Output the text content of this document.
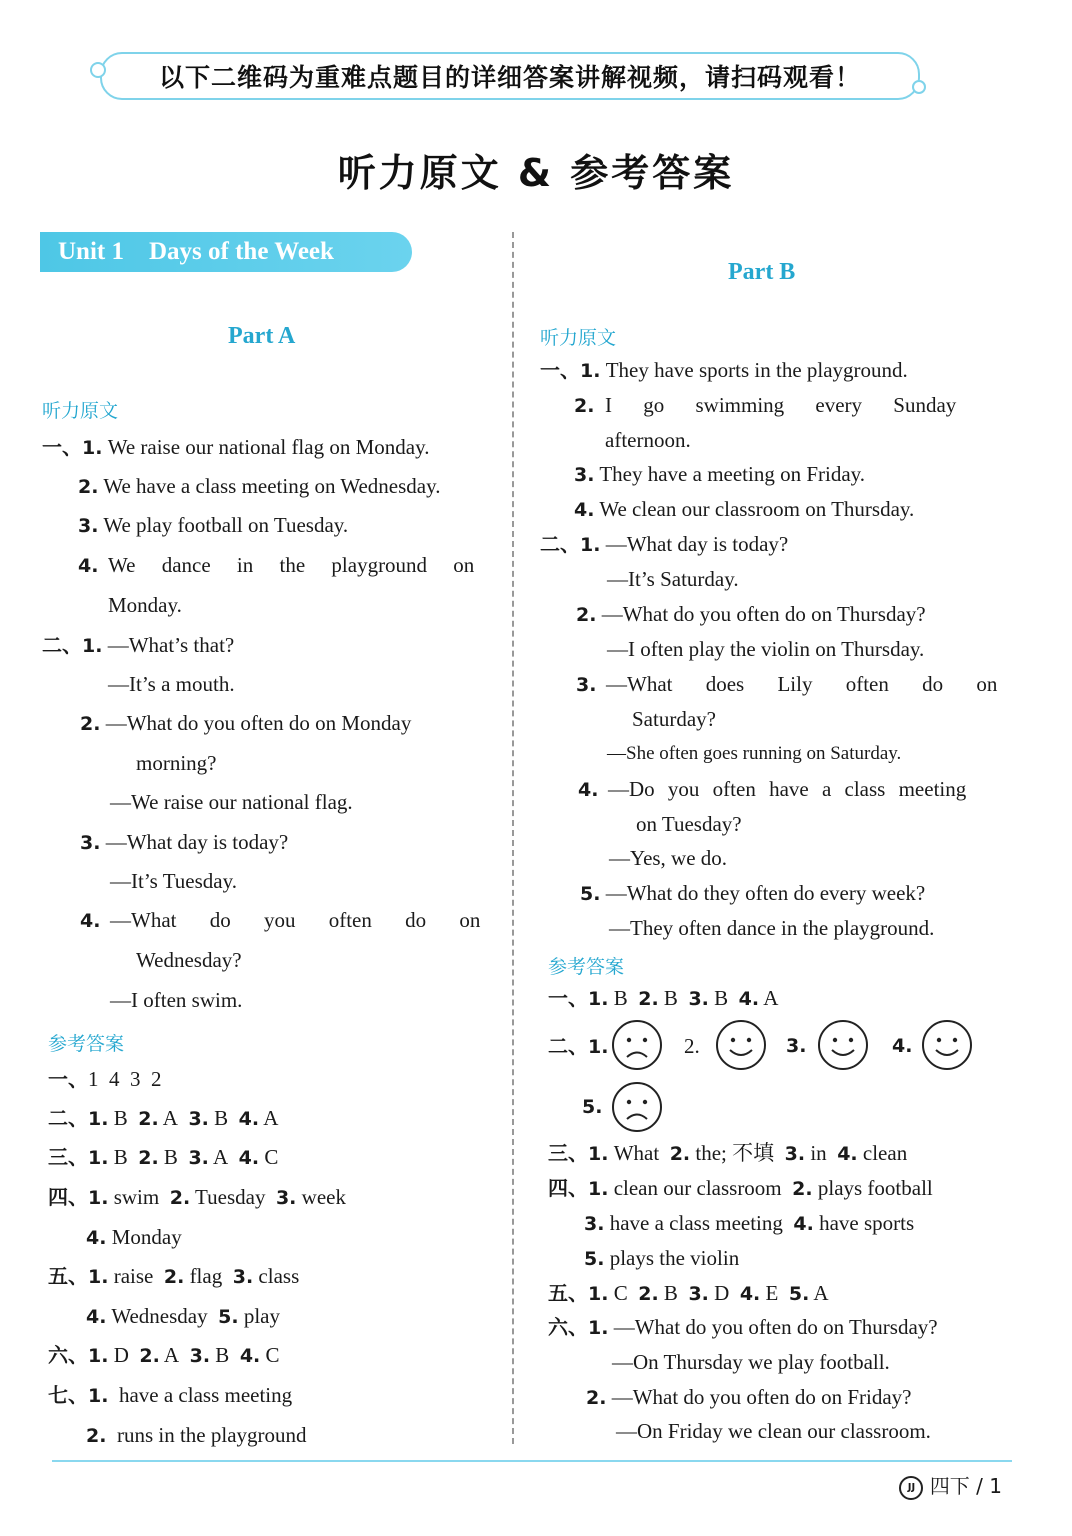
以下二维码为重难点题目的详细答案讲解视频，请扫码观看！
听力原文 & 参考答案
Unit 1    Days of the Week
Part A
听力原文
一、1. We raise our national flag on Monday.
2. We have a class meeting on Wednesday.
3. We play football on Tuesday.
4. We dance in the playground on
Monday.
二、1. —What’s that?
—It’s a mouth.
2. —What do you often do on Monday
morning?
—We raise our national flag.
3. —What day is today?
—It’s Tuesday.
4. —What do you often do on
Wednesday?
—I often swim.
参考答案
一、1  4  3  2
二、1. B 2. A 3. B 4. A
三、1. B 2. B 3. A 4. C
四、1. swim 2. Tuesday 3. week
4. Monday
五、1. raise 2. flag 3. class
4. Wednesday 5. play
六、1. D 2. A 3. B 4. C
七、1. have a class meeting
2. runs in the playground
Part B
听力原文
一、1. They have sports in the playground.
2. I go swimming every Sunday
afternoon.
3. They have a meeting on Friday.
4. We clean our classroom on Thursday.
二、1. —What day is today?
—It’s Saturday.
2. —What do you often do on Thursday?
—I often play the violin on Thursday.
3. —What does Lily often do on
Saturday?
—She often goes running on Saturday.
4. —Do you often have a class meeting
on Tuesday?
—Yes, we do.
5. —What do they often do every week?
—They often dance in the playground.
参考答案
一、1. B 2. B 3. B 4. A
二、1.	2.	3.	4.
5.
三、1. What 2. the; 不填 3. in 4. clean
四、1. clean our classroom 2. plays football
3. have a class meeting 4. have sports
5. plays the violin
五、1. C 2. B 3. D 4. E 5. A
六、1. —What do you often do on Thursday?
—On Thursday we play football.
2. —What do you often do on Friday?
—On Friday we clean our classroom.
JJ 四下 / 1
